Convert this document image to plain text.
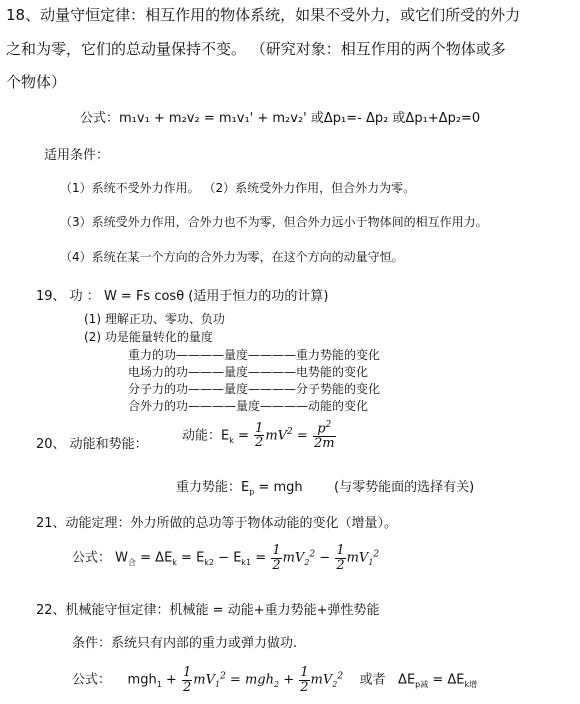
18、动量守恒定律：相互作用的物体系统，如果不受外力，或它们所受的外力
之和为零，它们的总动量保持不变。 （研究对象：相互作用的两个物体或多
个物体）
公式：m₁v₁ + m₂v₂ = m₁v₁' + m₂v₂' 或Δp₁=- Δp₂ 或Δp₁+Δp₂=0
适用条件：
（1）系统不受外力作用。 （2）系统受外力作用，但合外力为零。
（3）系统受外力作用，合外力也不为零，但合外力远小于物体间的相互作用力。
（4）系统在某一个方向的合外力为零，在这个方向的动量守恒。
19、 功 ： W = Fs cosθ (适用于恒力的功的计算)
(1) 理解正功、零功、负功
(2) 功是能量转化的量度
重力的功————量度————重力势能的变化
电场力的功———量度————电势能的变化
分子力的功———量度————分子势能的变化
合外力的功————量度————动能的变化
20、 动能和势能：
动能：$E_k = \frac{1}{2} mV^2 = \frac{p^2}{2m}$
重力势能：$E_p$ = mgh (与零势能面的选择有关)
21、动能定理：外力所做的总功等于物体动能的变化（增量）。
公式： $W_合 = \Delta E_k = E_{k2} - E_{k1} = \frac{1}{2} mV_2^2 - \frac{1}{2} mV_1^2$
22、机械能守恒定律：机械能 = 动能+重力势能+弹性势能
条件：系统只有内部的重力或弹力做功.
公式： $mgh_1 + \frac{1}{2} mV_1^2 = mgh_2 + \frac{1}{2} mV_2^2$ 或者 $\Delta E_{p减} = \Delta E_{k增}$
